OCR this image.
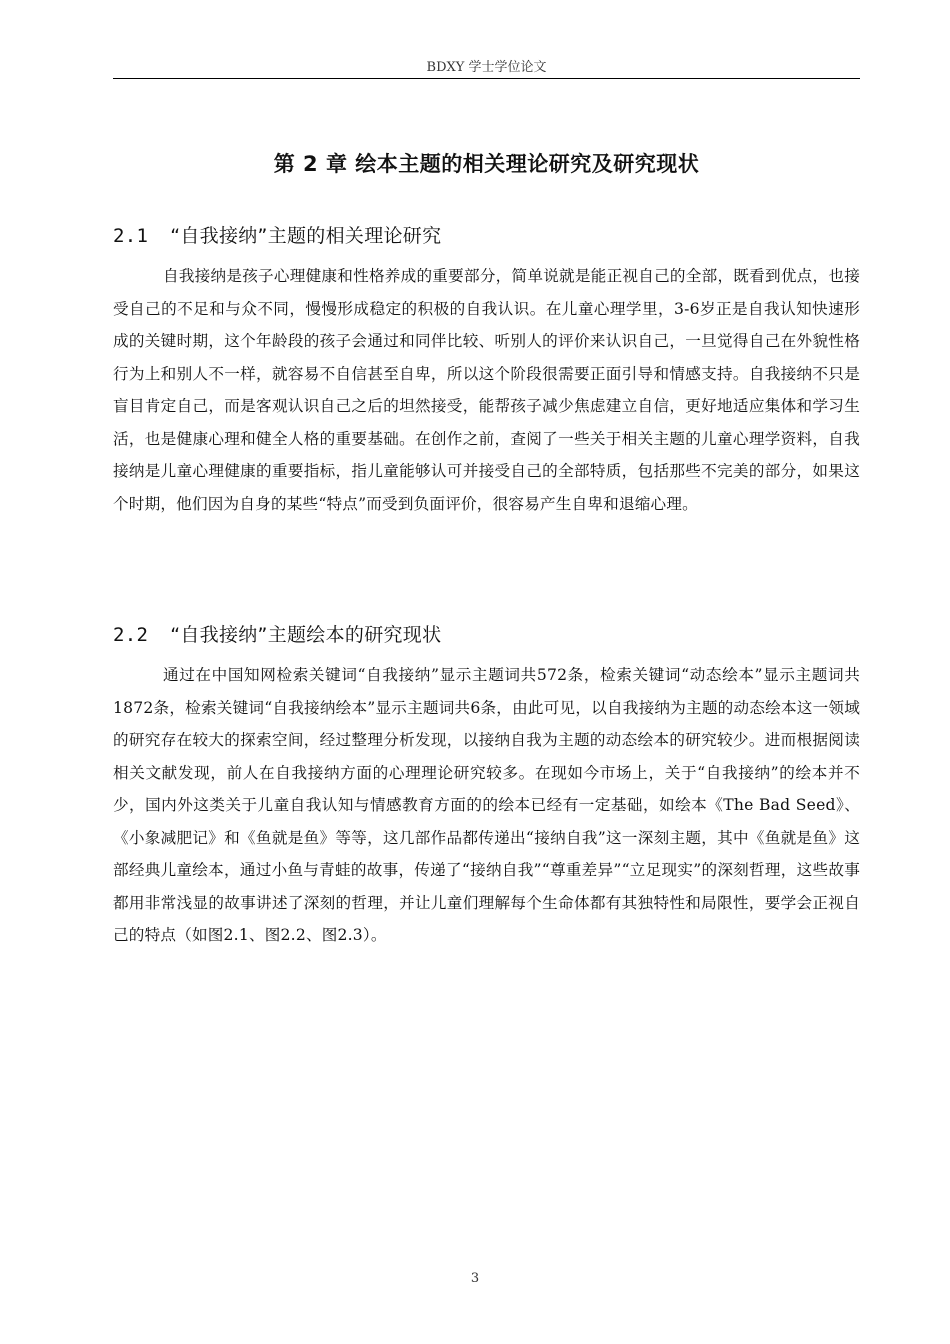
BDXY 学士学位论文
第 2 章 绘本主题的相关理论研究及研究现状
2.1 “自我接纳”主题的相关理论研究

自我接纳是孩子心理健康和性格养成的重要部分，简单说就是能正视自己的全部，既看到优点，也接受自己的不足和与众不同，慢慢形成稳定的积极的自我认识。在儿童心理学里，3-6岁正是自我认知快速形成的关键时期，这个年龄段的孩子会通过和同伴比较、听别人的评价来认识自己，一旦觉得自己在外貌性格行为上和别人不一样，就容易不自信甚至自卑，所以这个阶段很需要正面引导和情感支持。自我接纳不只是盲目肯定自己，而是客观认识自己之后的坦然接受，能帮孩子减少焦虑建立自信，更好地适应集体和学习生活，也是健康心理和健全人格的重要基础。在创作之前，查阅了一些关于相关主题的儿童心理学资料，自我接纳是儿童心理健康的重要指标，指儿童能够认可并接受自己的全部特质，包括那些不完美的部分，如果这个时期，他们因为自身的某些“特点”而受到负面评价，很容易产生自卑和退缩心理。

2.2 “自我接纳”主题绘本的研究现状

通过在中国知网检索关键词“自我接纳”显示主题词共572条，检索关键词“动态绘本”显示主题词共1872条，检索关键词“自我接纳绘本”显示主题词共6条，由此可见，以自我接纳为主题的动态绘本这一领域的研究存在较大的探索空间，经过整理分析发现，以接纳自我为主题的动态绘本的研究较少。进而根据阅读相关文献发现，前人在自我接纳方面的心理理论研究较多。在现如今市场上，关于“自我接纳”的绘本并不少，国内外这类关于儿童自我认知与情感教育方面的的绘本已经有一定基础，如绘本《The Bad Seed》、《小象减肥记》和《鱼就是鱼》等等，这几部作品都传递出“接纳自我”这一深刻主题，其中《鱼就是鱼》这部经典儿童绘本，通过小鱼与青蛙的故事，传递了“接纳自我”“尊重差异”“立足现实”的深刻哲理，这些故事都用非常浅显的故事讲述了深刻的哲理，并让儿童们理解每个生命体都有其独特性和局限性，要学会正视自己的特点（如图2.1、图2.2、图2.3）。

3
